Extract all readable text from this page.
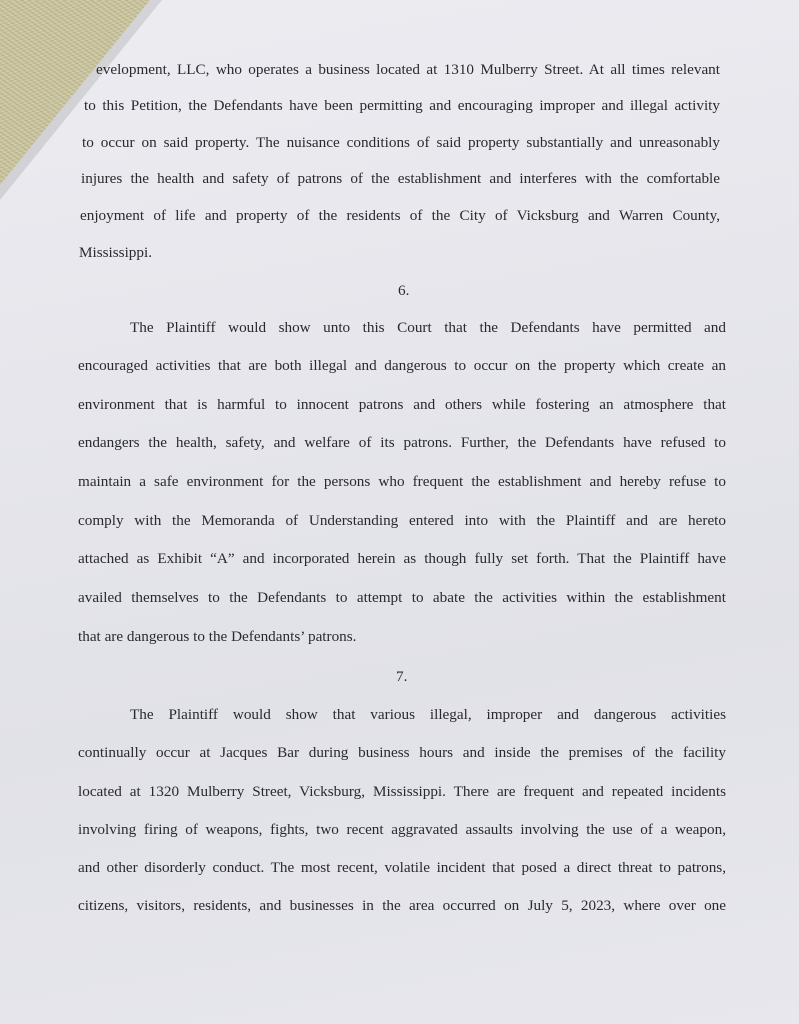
evelopment, LLC, who operates a business located at 1310 Mulberry Street. At all times relevant
to this Petition, the Defendants have been permitting and encouraging improper and illegal activity
to occur on said property. The nuisance conditions of said property substantially and unreasonably
injures the health and safety of patrons of the establishment and interferes with the comfortable
enjoyment of life and property of the residents of the City of Vicksburg and Warren County,
Mississippi.
6.
The Plaintiff would show unto this Court that the Defendants have permitted and
encouraged activities that are both illegal and dangerous to occur on the property which create an
environment that is harmful to innocent patrons and others while fostering an atmosphere that
endangers the health, safety, and welfare of its patrons. Further, the Defendants have refused to
maintain a safe environment for the persons who frequent the establishment and hereby refuse to
comply with the Memoranda of Understanding entered into with the Plaintiff and are hereto
attached as Exhibit “A” and incorporated herein as though fully set forth. That the Plaintiff have
availed themselves to the Defendants to attempt to abate the activities within the establishment
that are dangerous to the Defendants’ patrons.
7.
The Plaintiff would show that various illegal, improper and dangerous activities
continually occur at Jacques Bar during business hours and inside the premises of the facility
located at 1320 Mulberry Street, Vicksburg, Mississippi. There are frequent and repeated incidents
involving firing of weapons, fights, two recent aggravated assaults involving the use of a weapon,
and other disorderly conduct. The most recent, volatile incident that posed a direct threat to patrons,
citizens, visitors, residents, and businesses in the area occurred on July 5, 2023, where over one
